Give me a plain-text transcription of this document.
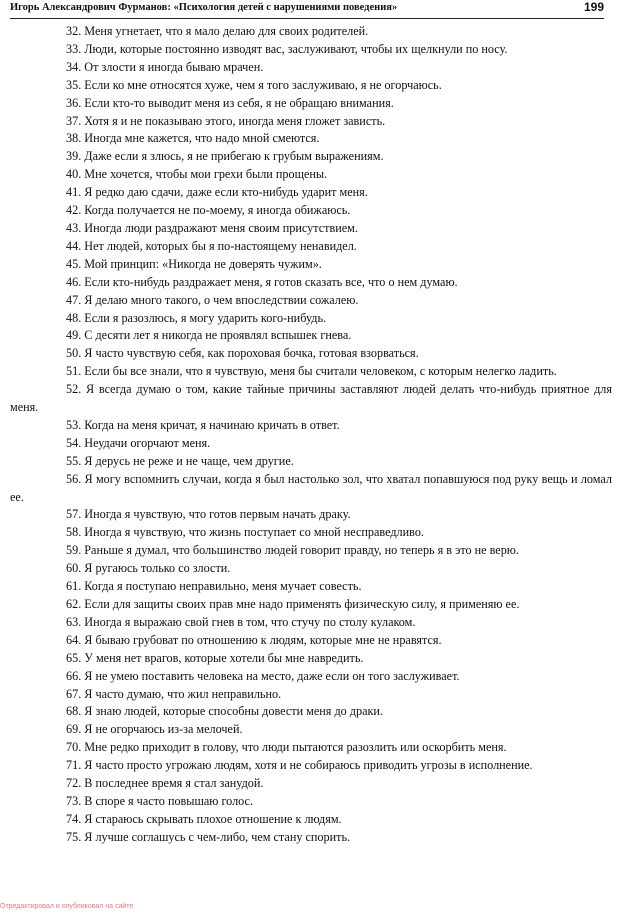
Игорь Александрович Фурманов: «Психология детей с нарушениями поведения»	199
32. Меня угнетает, что я мало делаю для своих родителей.
33. Люди, которые постоянно изводят вас, заслуживают, чтобы их щелкнули по носу.
34. От злости я иногда бываю мрачен.
35. Если ко мне относятся хуже, чем я того заслуживаю, я не огорчаюсь.
36. Если кто-то выводит меня из себя, я не обращаю внимания.
37. Хотя я и не показываю этого, иногда меня гложет зависть.
38. Иногда мне кажется, что надо мной смеются.
39. Даже если я злюсь, я не прибегаю к грубым выражениям.
40. Мне хочется, чтобы мои грехи были прощены.
41. Я редко даю сдачи, даже если кто-нибудь ударит меня.
42. Когда получается не по-моему, я иногда обижаюсь.
43. Иногда люди раздражают меня своим присутствием.
44. Нет людей, которых бы я по-настоящему ненавидел.
45. Мой принцип: «Никогда не доверять чужим».
46. Если кто-нибудь раздражает меня, я готов сказать все, что о нем думаю.
47. Я делаю много такого, о чем впоследствии сожалею.
48. Если я разозлюсь, я могу ударить кого-нибудь.
49. С десяти лет я никогда не проявлял вспышек гнева.
50. Я часто чувствую себя, как пороховая бочка, готовая взорваться.
51. Если бы все знали, что я чувствую, меня бы считали человеком, с которым нелегко ладить.
52. Я всегда думаю о том, какие тайные причины заставляют людей делать что-нибудь приятное для меня.
53. Когда на меня кричат, я начинаю кричать в ответ.
54. Неудачи огорчают меня.
55. Я дерусь не реже и не чаще, чем другие.
56. Я могу вспомнить случаи, когда я был настолько зол, что хватал попавшуюся под руку вещь и ломал ее.
57. Иногда я чувствую, что готов первым начать драку.
58. Иногда я чувствую, что жизнь поступает со мной несправедливо.
59. Раньше я думал, что большинство людей говорит правду, но теперь я в это не верю.
60. Я ругаюсь только со злости.
61. Когда я поступаю неправильно, меня мучает совесть.
62. Если для защиты своих прав мне надо применять физическую силу, я применяю ее.
63. Иногда я выражаю свой гнев в том, что стучу по столу кулаком.
64. Я бываю грубоват по отношению к людям, которые мне не нравятся.
65. У меня нет врагов, которые хотели бы мне навредить.
66. Я не умею поставить человека на место, даже если он того заслуживает.
67. Я часто думаю, что жил неправильно.
68. Я знаю людей, которые способны довести меня до драки.
69. Я не огорчаюсь из-за мелочей.
70. Мне редко приходит в голову, что люди пытаются разозлить или оскорбить меня.
71. Я часто просто угрожаю людям, хотя и не собираюсь приводить угрозы в исполнение.
72. В последнее время я стал занудой.
73. В споре я часто повышаю голос.
74. Я стараюсь скрывать плохое отношение к людям.
75. Я лучше соглашусь с чем-либо, чем стану спорить.
Отредактировал и опубликовал на сайте
